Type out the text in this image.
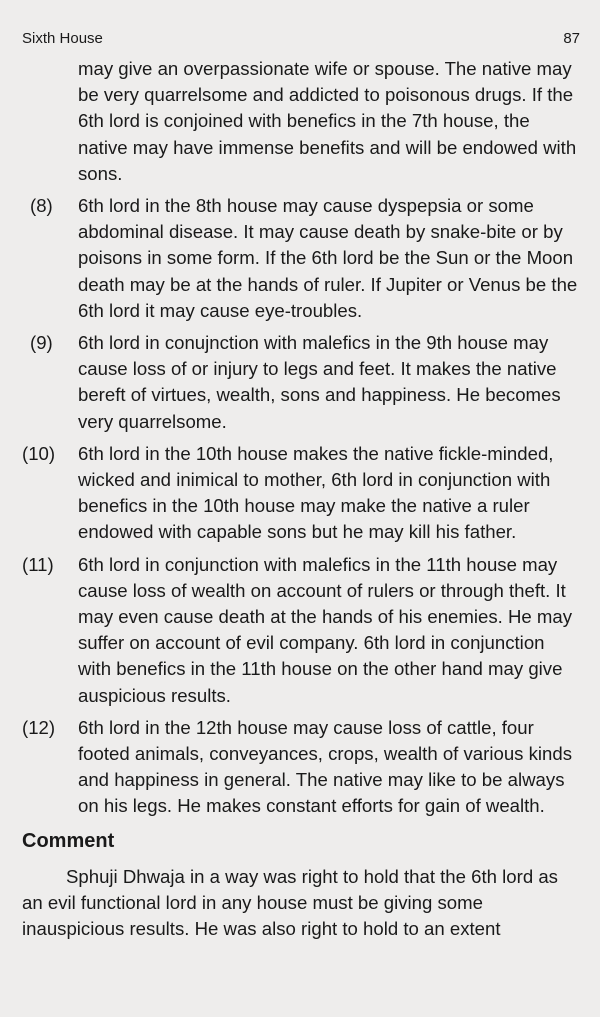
Sixth House	87
may give an overpassionate wife or spouse. The native may be very quarrelsome and addicted to poisonous drugs. If the 6th lord is conjoined with benefics in the 7th house, the native may have immense benefits and will be endowed with sons.
(8)	6th lord in the 8th house may cause dyspepsia or some abdominal disease. It may cause death by snake-bite or by poisons in some form. If the 6th lord be the Sun or the Moon death may be at the hands of ruler. If Jupiter or Venus be the 6th lord it may cause eye-troubles.
(9)	6th lord in conujnction with malefics in the 9th house may cause loss of or injury to legs and feet. It makes the native bereft of virtues, wealth, sons and happiness. He becomes very quarrelsome.
(10)	6th lord in the 10th house makes the native fickle-minded, wicked and inimical to mother, 6th lord in conjunction with benefics in the 10th house may make the native a ruler endowed with capable sons but he may kill his father.
(11)	6th lord in conjunction with malefics in the 11th house may cause loss of wealth on account of rulers or through theft. It may even cause death at the hands of his enemies. He may suffer on account of evil company. 6th lord in conjunction with benefics in the 11th house on the other hand may give auspicious results.
(12)	6th lord in the 12th house may cause loss of cattle, four footed animals, conveyances, crops, wealth of various kinds and happiness in general. The native may like to be always on his legs. He makes constant efforts for gain of wealth.
Comment
Sphuji Dhwaja in a way was right to hold that the 6th lord as an evil functional lord in any house must be giving some inauspicious results. He was also right to hold to an extent
